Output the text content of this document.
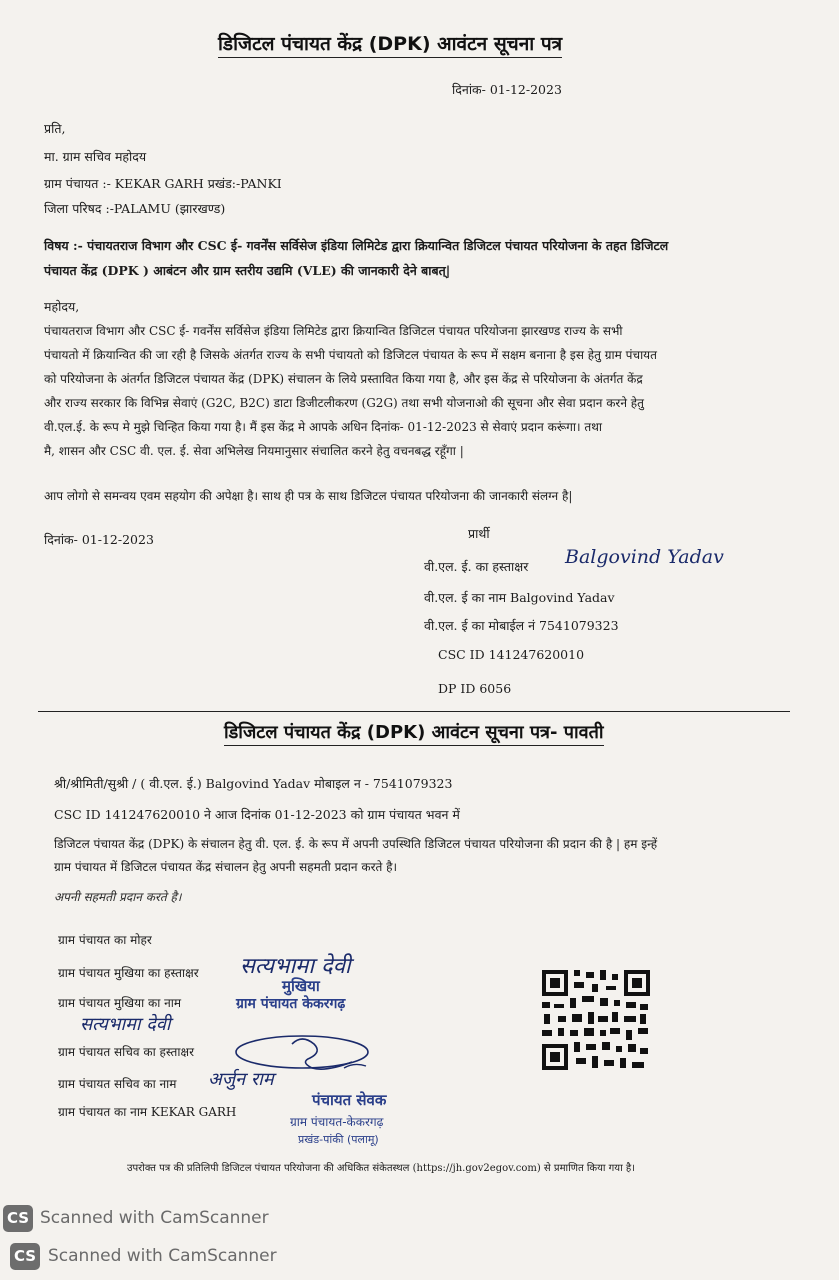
डिजिटल पंचायत केंद्र (DPK) आवंटन सूचना पत्र
दिनांक- 01-12-2023
प्रति,
मा. ग्राम सचिव महोदय
ग्राम पंचायत :- KEKAR GARH प्रखंड:-PANKI
जिला परिषद :-PALAMU (झारखण्ड)
विषय :- पंचायतराज विभाग और CSC ई- गवर्नेंस सर्विसेज इंडिया लिमिटेड द्वारा क्रियान्वित डिजिटल पंचायत परियोजना के तहत डिजिटल
पंचायत केंद्र (DPK ) आबंटन और ग्राम स्तरीय उद्यमि (VLE) की जानकारी देने बाबत्|
महोदय,
पंचायतराज विभाग और CSC ई- गवर्नेंस सर्विसेज इंडिया लिमिटेड द्वारा क्रियान्वित डिजिटल पंचायत परियोजना झारखण्ड राज्य के सभी
पंचायतो में क्रियान्वित की जा रही है जिसके अंतर्गत राज्य के सभी पंचायतो को डिजिटल पंचायत के रूप में सक्षम बनाना है इस हेतु ग्राम पंचायत
को परियोजना के अंतर्गत डिजिटल पंचायत केंद्र (DPK) संचालन के लिये प्रस्तावित किया गया है, और इस केंद्र से परियोजना के अंतर्गत केंद्र
और राज्य सरकार कि विभिन्न सेवाएं (G2C, B2C) डाटा डिजीटलीकरण (G2G) तथा सभी योजनाओ की सूचना और सेवा प्रदान करने हेतु
वी.एल.ई. के रूप मे मुझे चिन्हित किया गया है। मैं इस केंद्र मे आपके अधिन दिनांक- 01-12-2023 से सेवाएं प्रदान करूंगा। तथा
मै, शासन और CSC वी. एल. ई. सेवा अभिलेख नियमानुसार संचालित करने हेतु वचनबद्ध रहूँगा |
आप लोगो से समन्वय एवम सहयोग की अपेक्षा है। साथ ही पत्र के साथ डिजिटल पंचायत परियोजना की जानकारी संलग्न है|
दिनांक- 01-12-2023	प्रार्थी
वी.एल. ई. का हस्ताक्षर Balgovind Yadav
वी.एल. ई का नाम Balgovind Yadav
वी.एल. ई का मोबाईल नं 7541079323
CSC ID 141247620010
DP ID 6056
डिजिटल पंचायत केंद्र (DPK) आवंटन सूचना पत्र- पावती
श्री/श्रीमिती/सुश्री / ( वी.एल. ई.) Balgovind Yadav मोबाइल न - 7541079323
CSC ID 141247620010 ने आज दिनांक 01-12-2023 को ग्राम पंचायत भवन में
डिजिटल पंचायत केंद्र (DPK) के संचालन हेतु वी. एल. ई. के रूप में अपनी उपस्थिति डिजिटल पंचायत परियोजना की प्रदान की है | हम इन्हें
ग्राम पंचायत में डिजिटल पंचायत केंद्र संचालन हेतु अपनी सहमती प्रदान करते है।
अपनी सहमती प्रदान करते है।
ग्राम पंचायत का मोहर
ग्राम पंचायत मुखिया का हस्ताक्षर सत्यभामा देवी
मुखिया
ग्राम पंचायत मुखिया का नाम	ग्राम पंचायत केकरगढ़
सत्यभामा देवी
ग्राम पंचायत सचिव का हस्ताक्षर
ग्राम पंचायत सचिव का नाम अर्जुन राम
ग्राम पंचायत का नाम KEKAR GARH
पंचायत सेवक
ग्राम पंचायत-केकरगढ़
प्रखंड-पांकी (पलामू)
उपरोक्त पत्र की प्रतिलिपी डिजिटल पंचायत परियोजना की अधिकित संकेतस्थल (https://jh.gov2egov.com) से प्रमाणित किया गया है।
CS Scanned with CamScanner
CS Scanned with CamScanner
